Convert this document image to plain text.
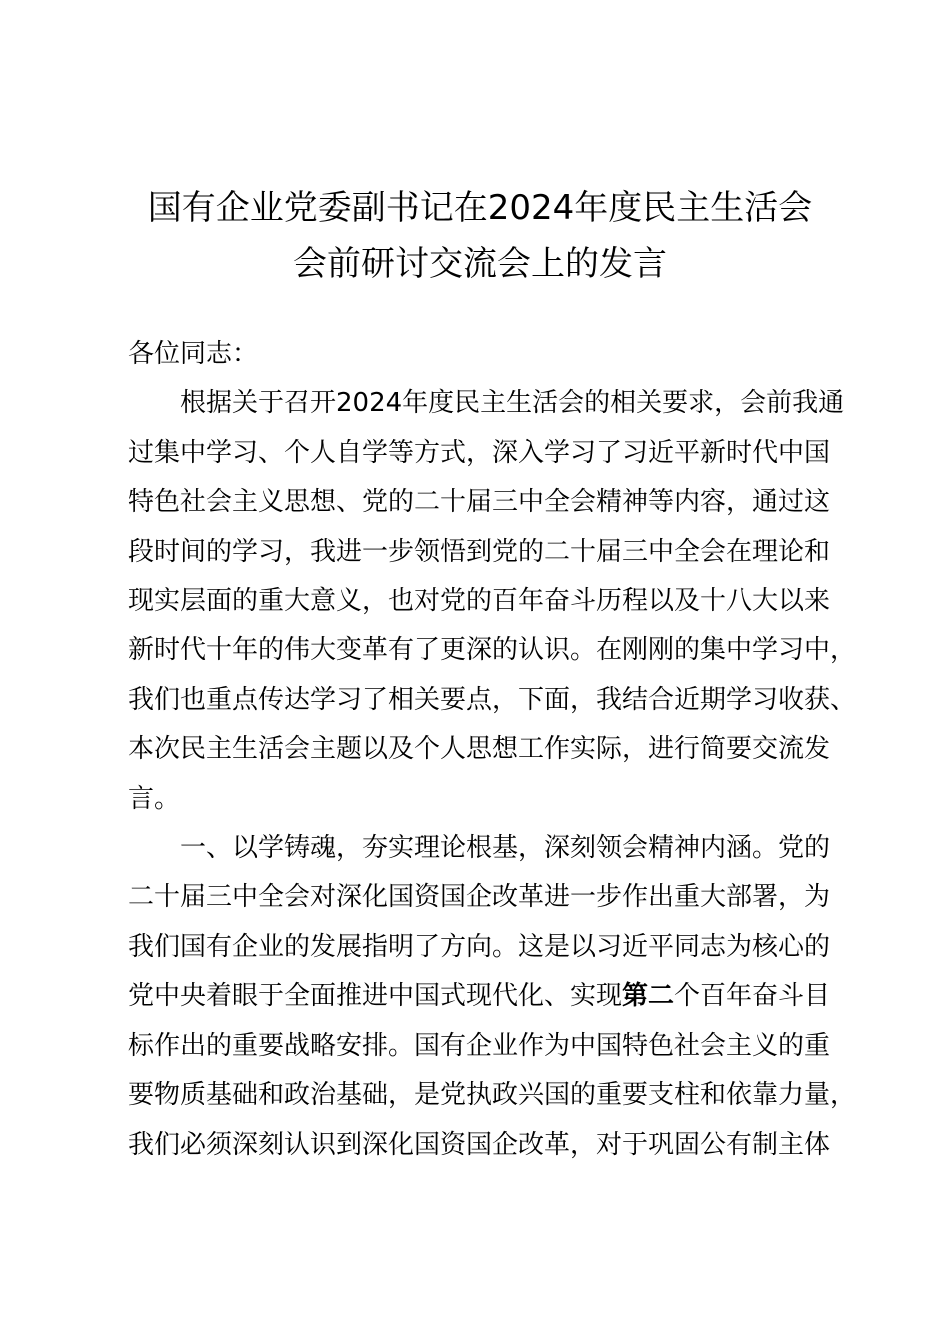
国有企业党委副书记在2024年度民主生活会
会前研讨交流会上的发言
各位同志：
根据关于召开2024年度民主生活会的相关要求，会前我通
过集中学习、个人自学等方式，深入学习了习近平新时代中国
特色社会主义思想、党的二十届三中全会精神等内容，通过这
段时间的学习，我进一步领悟到党的二十届三中全会在理论和
现实层面的重大意义，也对党的百年奋斗历程以及十八大以来
新时代十年的伟大变革有了更深的认识。在刚刚的集中学习中，
我们也重点传达学习了相关要点，下面，我结合近期学习收获、
本次民主生活会主题以及个人思想工作实际，进行简要交流发
言。
一、以学铸魂，夯实理论根基，深刻领会精神内涵。党的
二十届三中全会对深化国资国企改革进一步作出重大部署，为
我们国有企业的发展指明了方向。这是以习近平同志为核心的
党中央着眼于全面推进中国式现代化、实现第二个百年奋斗目
标作出的重要战略安排。国有企业作为中国特色社会主义的重
要物质基础和政治基础，是党执政兴国的重要支柱和依靠力量，
我们必须深刻认识到深化国资国企改革，对于巩固公有制主体
